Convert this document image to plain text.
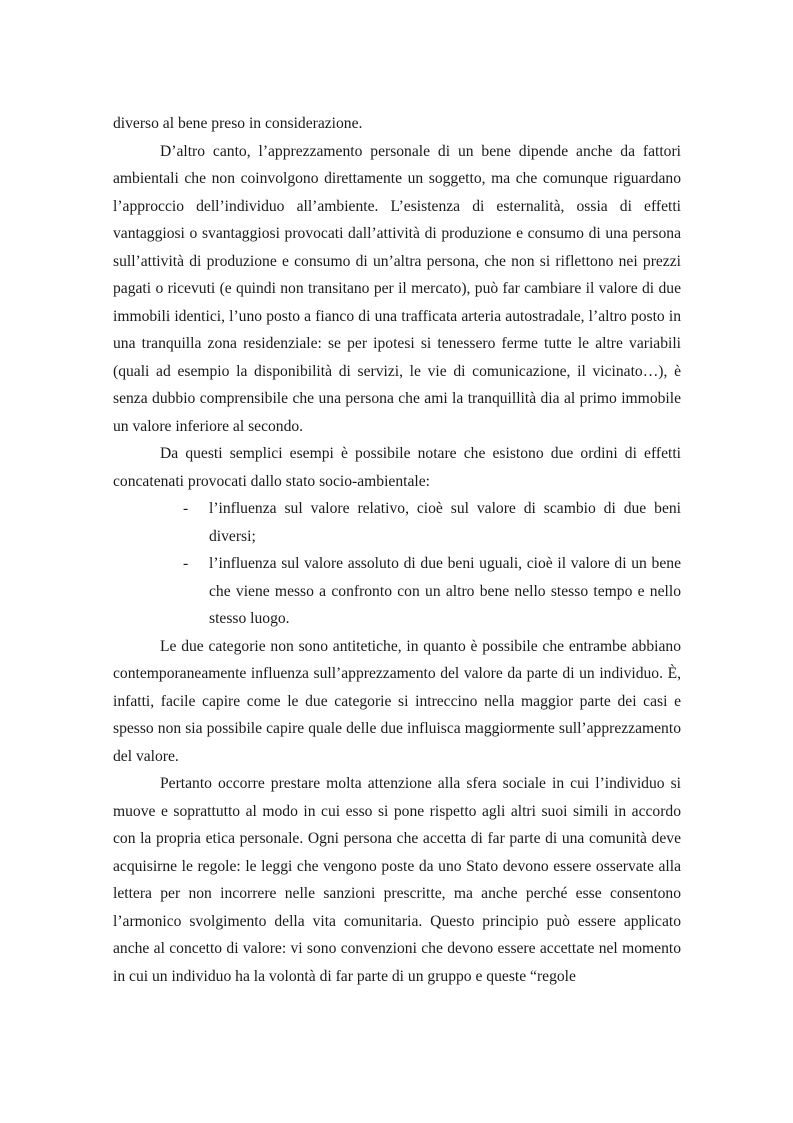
diverso al bene preso in considerazione.

D’altro canto, l’apprezzamento personale di un bene dipende anche da fattori ambientali che non coinvolgono direttamente un soggetto, ma che comunque riguardano l’approccio dell’individuo all’ambiente. L’esistenza di esternalità, ossia di effetti vantaggiosi o svantaggiosi provocati dall’attività di produzione e consumo di una persona sull’attività di produzione e consumo di un’altra persona, che non si riflettono nei prezzi pagati o ricevuti (e quindi non transitano per il mercato), può far cambiare il valore di due immobili identici, l’uno posto a fianco di una trafficata arteria autostradale, l’altro posto in una tranquilla zona residenziale: se per ipotesi si tenessero ferme tutte le altre variabili (quali ad esempio la disponibilità di servizi, le vie di comunicazione, il vicinato…), è senza dubbio comprensibile che una persona che ami la tranquillità dia al primo immobile un valore inferiore al secondo.

Da questi semplici esempi è possibile notare che esistono due ordini di effetti concatenati provocati dallo stato socio-ambientale:

- l’influenza sul valore relativo, cioè sul valore di scambio di due beni diversi;
- l’influenza sul valore assoluto di due beni uguali, cioè il valore di un bene che viene messo a confronto con un altro bene nello stesso tempo e nello stesso luogo.

Le due categorie non sono antitetiche, in quanto è possibile che entrambe abbiano contemporaneamente influenza sull’apprezzamento del valore da parte di un individuo. È, infatti, facile capire come le due categorie si intreccino nella maggior parte dei casi e spesso non sia possibile capire quale delle due influisca maggiormente sull’apprezzamento del valore.

Pertanto occorre prestare molta attenzione alla sfera sociale in cui l’individuo si muove e soprattutto al modo in cui esso si pone rispetto agli altri suoi simili in accordo con la propria etica personale. Ogni persona che accetta di far parte di una comunità deve acquisirne le regole: le leggi che vengono poste da uno Stato devono essere osservate alla lettera per non incorrere nelle sanzioni prescritte, ma anche perché esse consentono l’armonico svolgimento della vita comunitaria. Questo principio può essere applicato anche al concetto di valore: vi sono convenzioni che devono essere accettate nel momento in cui un individuo ha la volontà di far parte di un gruppo e queste “regole
